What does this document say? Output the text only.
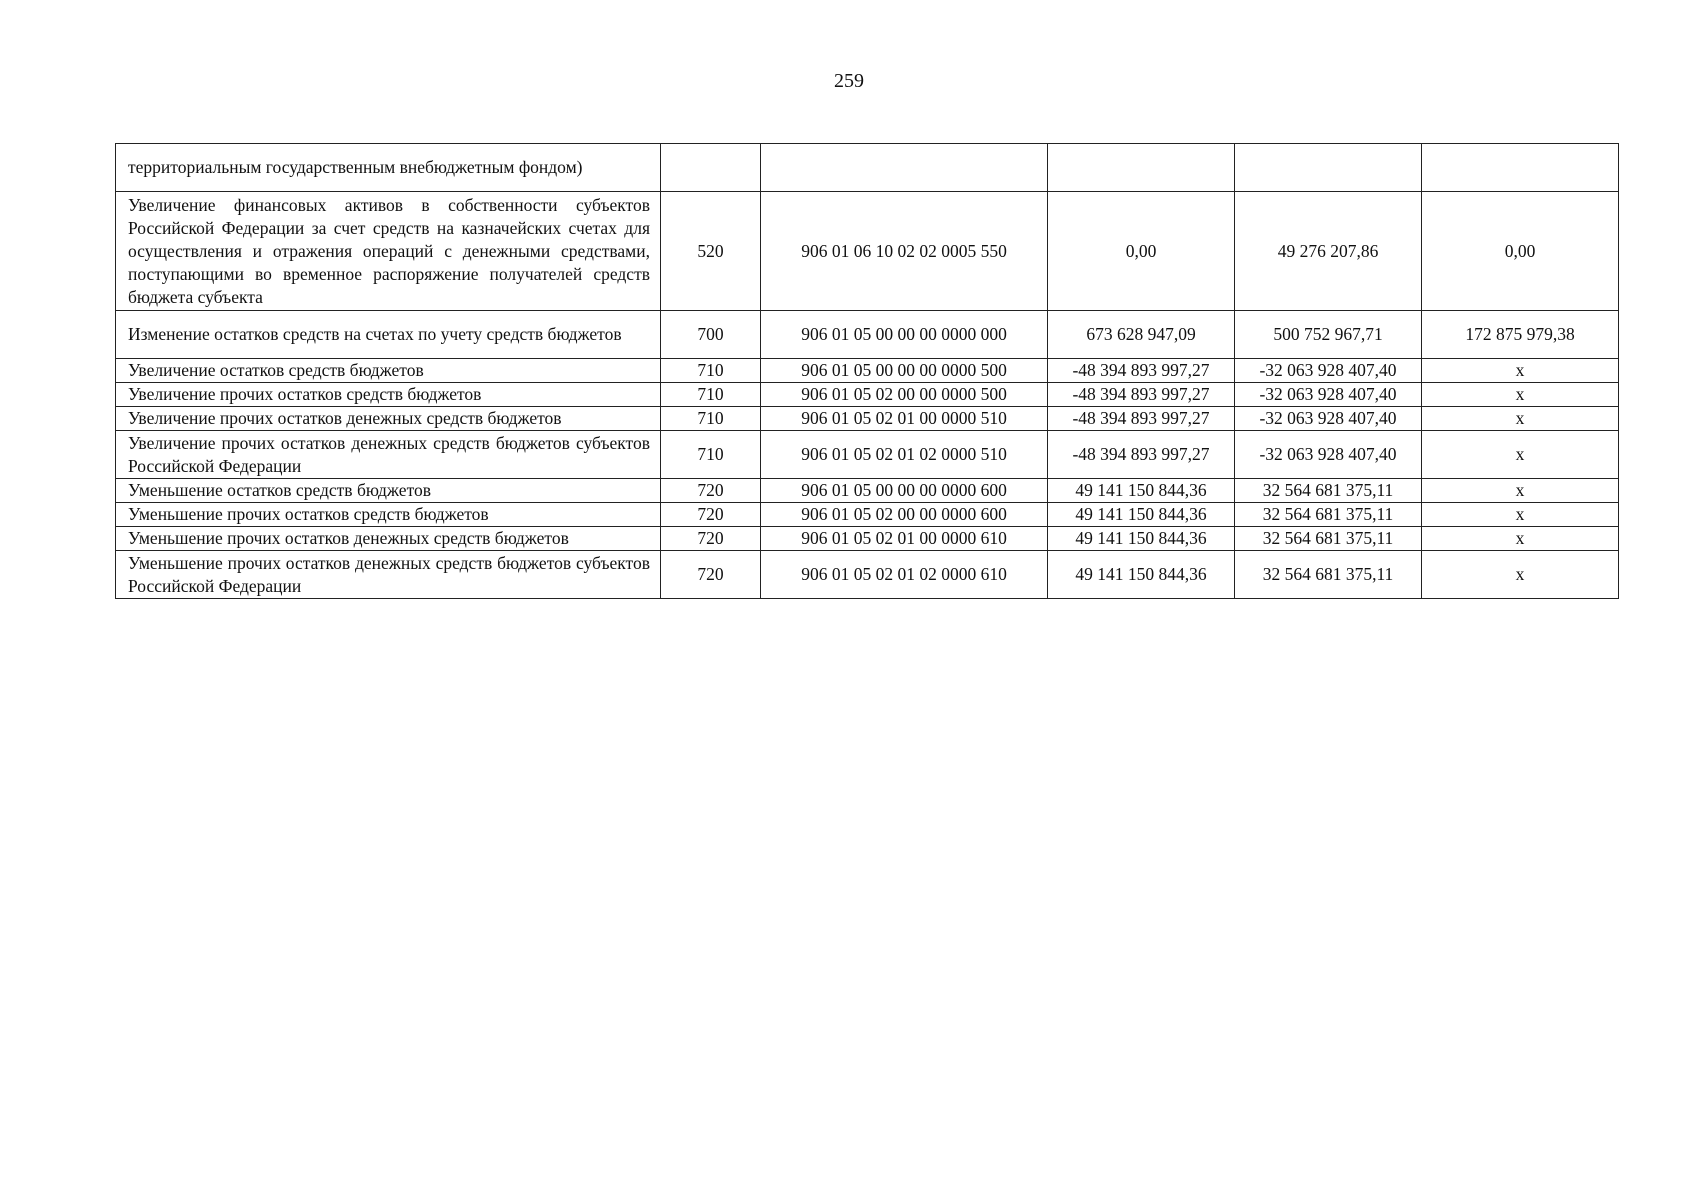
259
территориальным государственным внебюджетным фондом)					
Увеличение финансовых активов в собственности субъектов Российской Федерации за счет средств на казначейских счетах для осуществления и отражения операций с денежными средствами, поступающими во временное распоряжение получателей средств бюджета субъекта	520	906 01 06 10 02 02 0005 550	0,00	49 276 207,86	0,00
Изменение остатков средств на счетах по учету средств бюджетов	700	906 01 05 00 00 00 0000 000	673 628 947,09	500 752 967,71	172 875 979,38
Увеличение остатков средств бюджетов	710	906 01 05 00 00 00 0000 500	-48 394 893 997,27	-32 063 928 407,40	x
Увеличение прочих остатков средств бюджетов	710	906 01 05 02 00 00 0000 500	-48 394 893 997,27	-32 063 928 407,40	x
Увеличение прочих остатков денежных средств бюджетов	710	906 01 05 02 01 00 0000 510	-48 394 893 997,27	-32 063 928 407,40	x
Увеличение прочих остатков денежных средств бюджетов субъектов Российской Федерации	710	906 01 05 02 01 02 0000 510	-48 394 893 997,27	-32 063 928 407,40	x
Уменьшение остатков средств бюджетов	720	906 01 05 00 00 00 0000 600	49 141 150 844,36	32 564 681 375,11	x
Уменьшение прочих остатков средств бюджетов	720	906 01 05 02 00 00 0000 600	49 141 150 844,36	32 564 681 375,11	x
Уменьшение прочих остатков денежных средств бюджетов	720	906 01 05 02 01 00 0000 610	49 141 150 844,36	32 564 681 375,11	x
Уменьшение прочих остатков денежных средств бюджетов субъектов Российской Федерации	720	906 01 05 02 01 02 0000 610	49 141 150 844,36	32 564 681 375,11	x
